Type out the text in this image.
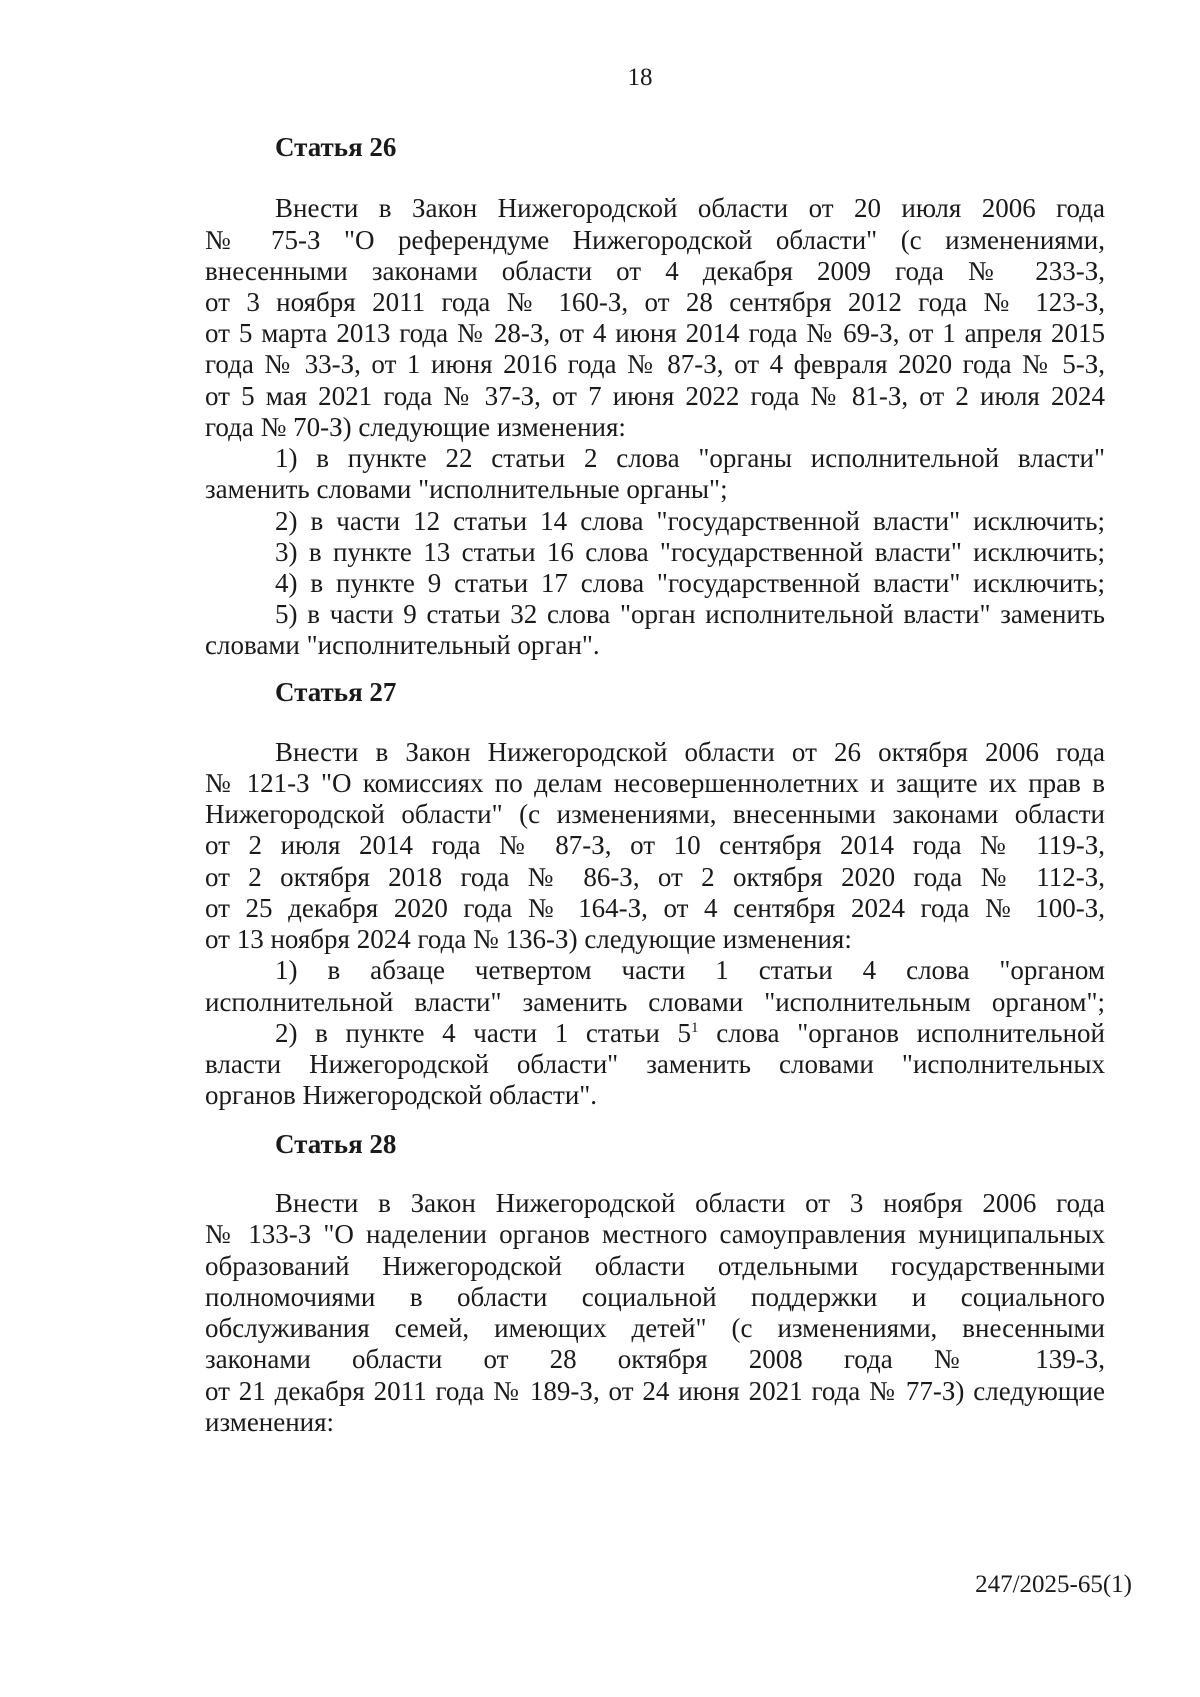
18
Статья 26
Внести в Закон Нижегородской области от 20 июля 2006 года
№ 75-З "О референдуме Нижегородской области" (с изменениями,
внесенными законами области от 4 декабря 2009 года № 233-З,
от 3 ноября 2011 года № 160-З, от 28 сентября 2012 года № 123-З,
от 5 марта 2013 года № 28-З, от 4 июня 2014 года № 69-З, от 1 апреля 2015
года № 33-З, от 1 июня 2016 года № 87-З, от 4 февраля 2020 года № 5-З,
от 5 мая 2021 года № 37-З, от 7 июня 2022 года № 81-З, от 2 июля 2024
года № 70-З) следующие изменения:
1) в пункте 22 статьи 2 слова "органы исполнительной власти"
заменить словами "исполнительные органы";
2) в части 12 статьи 14 слова "государственной власти" исключить;
3) в пункте 13 статьи 16 слова "государственной власти" исключить;
4) в пункте 9 статьи 17 слова "государственной власти" исключить;
5) в части 9 статьи 32 слова "орган исполнительной власти" заменить
словами "исполнительный орган".
Статья 27
Внести в Закон Нижегородской области от 26 октября 2006 года
№ 121-З "О комиссиях по делам несовершеннолетних и защите их прав в
Нижегородской области" (с изменениями, внесенными законами области
от 2 июля 2014 года № 87-З, от 10 сентября 2014 года № 119-З,
от 2 октября 2018 года № 86-З, от 2 октября 2020 года № 112-З,
от 25 декабря 2020 года № 164-З, от 4 сентября 2024 года № 100-З,
от 13 ноября 2024 года № 136-З) следующие изменения:
1) в абзаце четвертом части 1 статьи 4 слова "органом
исполнительной власти" заменить словами "исполнительным органом";
2) в пункте 4 части 1 статьи $5^1$ слова "органов исполнительной
власти Нижегородской области" заменить словами "исполнительных
органов Нижегородской области".
Статья 28
Внести в Закон Нижегородской области от 3 ноября 2006 года
№ 133-З "О наделении органов местного самоуправления муниципальных
образований Нижегородской области отдельными государственными
полномочиями в области социальной поддержки и социального
обслуживания семей, имеющих детей" (с изменениями, внесенными
законами области от 28 октября 2008 года № 139-З,
от 21 декабря 2011 года № 189-З, от 24 июня 2021 года № 77-З) следующие
изменения:
247/2025-65(1)
